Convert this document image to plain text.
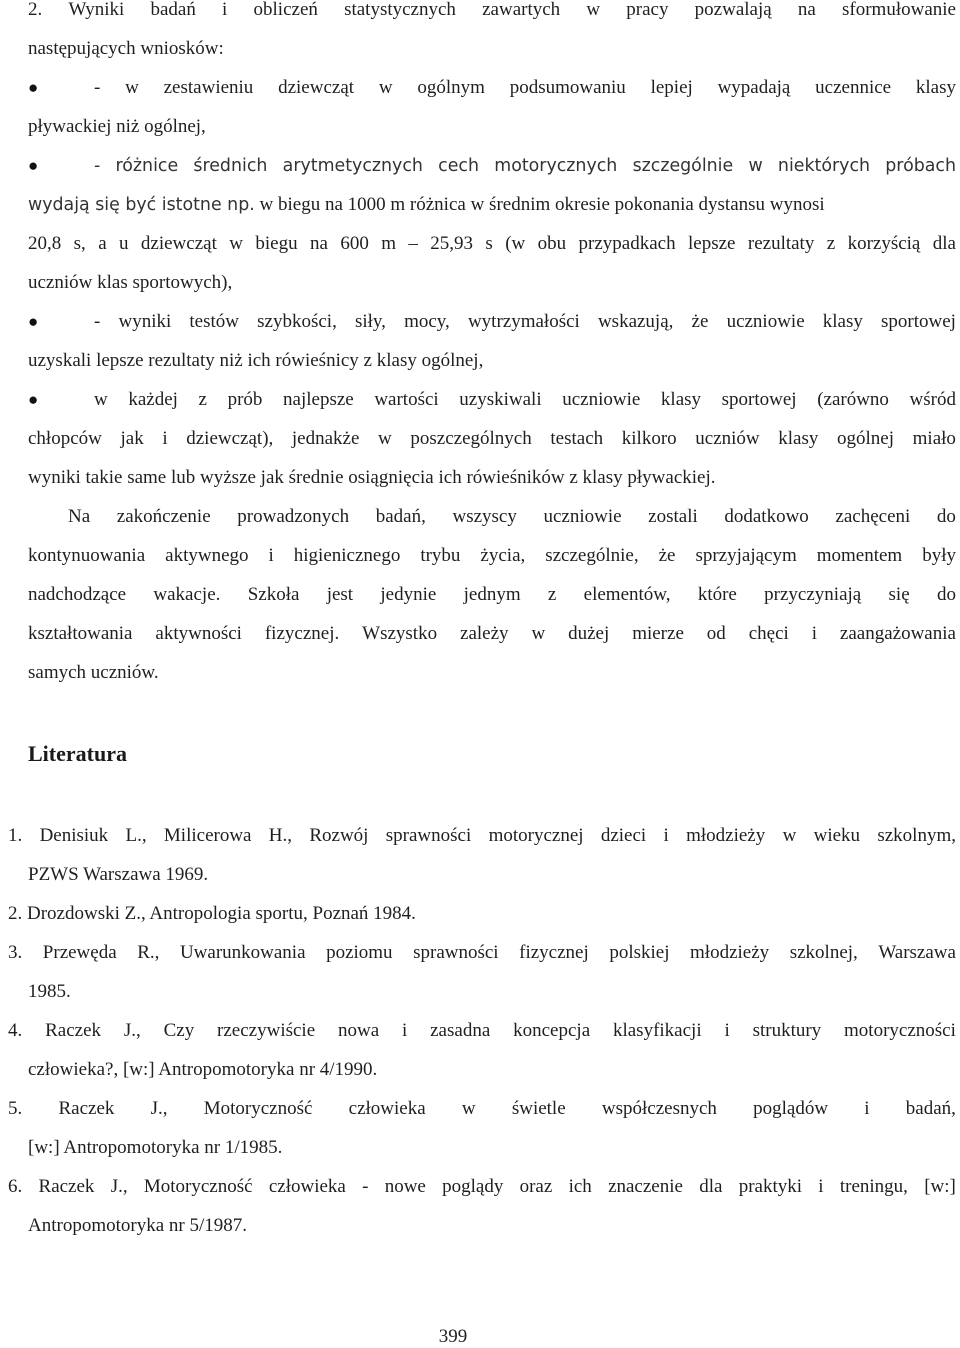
2. Wyniki badań i obliczeń statystycznych zawartych w pracy pozwalają na sformułowanie
następujących wniosków:
●	- w zestawieniu dziewcząt w ogólnym podsumowaniu lepiej wypadają uczennice klasy
pływackiej niż ogólnej,
●	- różnice średnich arytmetycznych cech motorycznych szczególnie w niektórych próbach
wydają się być istotne np. w biegu na 1000 m różnica w średnim okresie pokonania dystansu wynosi
20,8 s, a u dziewcząt w biegu na 600 m – 25,93 s (w obu przypadkach lepsze rezultaty z korzyścią dla
uczniów klas sportowych),
●	- wyniki testów szybkości, siły, mocy, wytrzymałości wskazują, że uczniowie klasy sportowej
uzyskali lepsze rezultaty niż ich rówieśnicy z klasy ogólnej,
●	w każdej z prób najlepsze wartości uzyskiwali uczniowie klasy sportowej (zarówno wśród
chłopców jak i dziewcząt), jednakże w poszczególnych testach kilkoro uczniów klasy ogólnej miało
wyniki takie same lub wyższe jak średnie osiągnięcia ich rówieśników z klasy pływackiej.
Na zakończenie prowadzonych badań, wszyscy uczniowie zostali dodatkowo zachęceni do
kontynuowania aktywnego i higienicznego trybu życia, szczególnie, że sprzyjającym momentem były
nadchodzące wakacje. Szkoła jest jedynie jednym z elementów, które przyczyniają się do
kształtowania aktywności fizycznej. Wszystko zależy w dużej mierze od chęci i zaangażowania
samych uczniów.
Literatura
1. Denisiuk L., Milicerowa H., Rozwój sprawności motorycznej dzieci i młodzieży w wieku szkolnym,
PZWS Warszawa 1969.
2. Drozdowski Z., Antropologia sportu, Poznań 1984.
3. Przewęda R., Uwarunkowania poziomu sprawności fizycznej polskiej młodzieży szkolnej, Warszawa
1985.
4. Raczek J., Czy rzeczywiście nowa i zasadna koncepcja klasyfikacji i struktury motoryczności
człowieka?, [w:] Antropomotoryka nr 4/1990.
5. Raczek J., Motoryczność człowieka w świetle współczesnych poglądów i badań,
[w:] Antropomotoryka nr 1/1985.
6. Raczek J., Motoryczność człowieka - nowe poglądy oraz ich znaczenie dla praktyki i treningu, [w:]
Antropomotoryka nr 5/1987.
399
